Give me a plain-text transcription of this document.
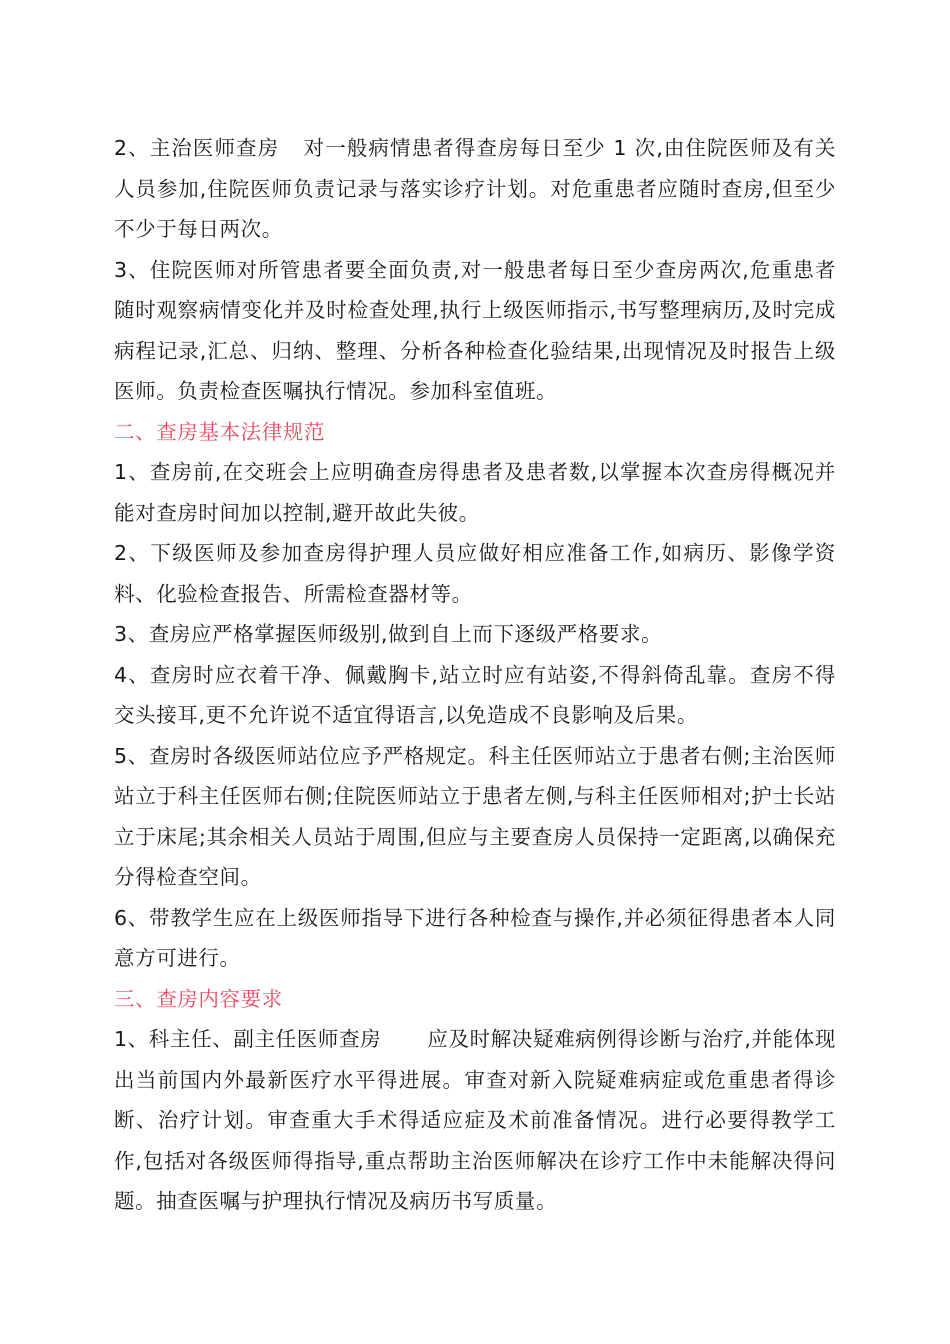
2、主治医师查房 对一般病情患者得查房每日至少 1 次,由住院医师及有关人员参加,住院医师负责记录与落实诊疗计划。对危重患者应随时查房,但至少不少于每日两次。

3、住院医师对所管患者要全面负责,对一般患者每日至少查房两次,危重患者随时观察病情变化并及时检查处理,执行上级医师指示,书写整理病历,及时完成病程记录,汇总、归纳、整理、分析各种检查化验结果,出现情况及时报告上级医师。负责检查医嘱执行情况。参加科室值班。

二、查房基本法律规范

1、查房前,在交班会上应明确查房得患者及患者数,以掌握本次查房得概况并能对查房时间加以控制,避开故此失彼。

2、下级医师及参加查房得护理人员应做好相应准备工作,如病历、影像学资料、化验检查报告、所需检查器材等。

3、查房应严格掌握医师级别,做到自上而下逐级严格要求。

4、查房时应衣着干净、佩戴胸卡,站立时应有站姿,不得斜倚乱靠。查房不得交头接耳,更不允许说不适宜得语言,以免造成不良影响及后果。

5、查房时各级医师站位应予严格规定。科主任医师站立于患者右侧;主治医师站立于科主任医师右侧;住院医师站立于患者左侧,与科主任医师相对;护士长站立于床尾;其余相关人员站于周围,但应与主要查房人员保持一定距离,以确保充分得检查空间。

6、带教学生应在上级医师指导下进行各种检查与操作,并必须征得患者本人同意方可进行。

三、查房内容要求

1、科主任、副主任医师查房 应及时解决疑难病例得诊断与治疗,并能体现出当前国内外最新医疗水平得进展。审查对新入院疑难病症或危重患者得诊断、治疗计划。审查重大手术得适应症及术前准备情况。进行必要得教学工作,包括对各级医师得指导,重点帮助主治医师解决在诊疗工作中未能解决得问题。抽查医嘱与护理执行情况及病历书写质量。
